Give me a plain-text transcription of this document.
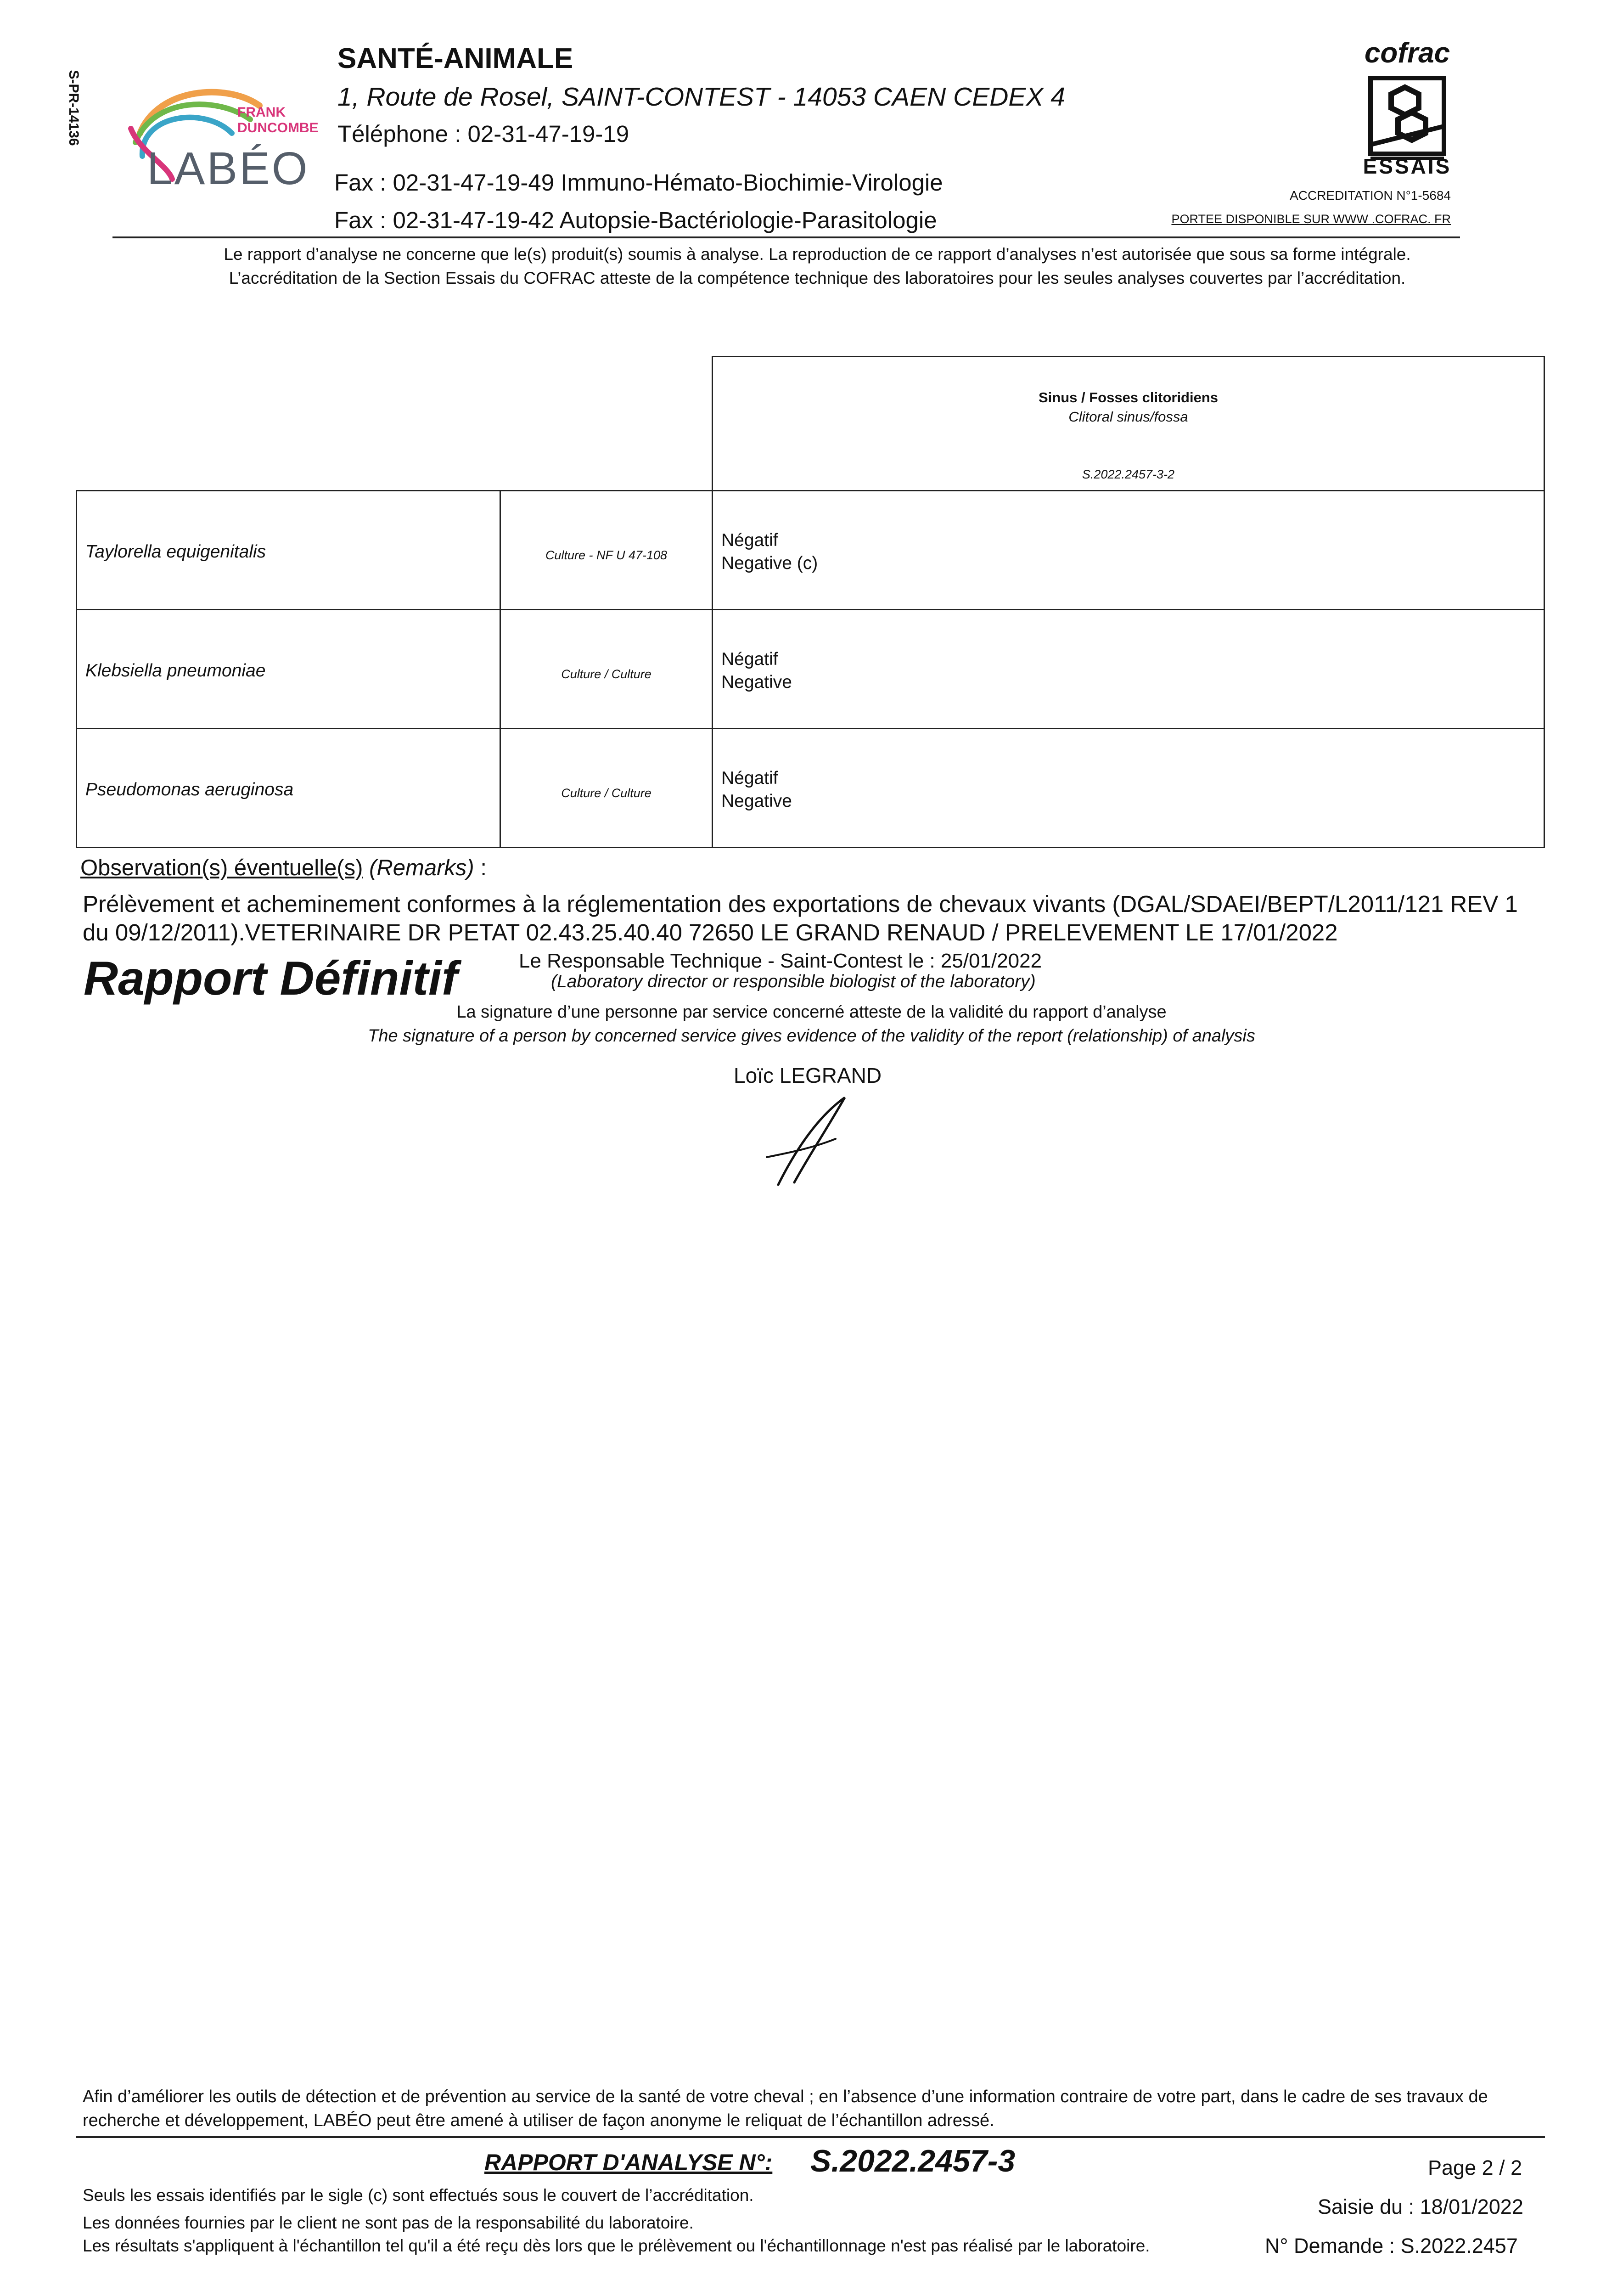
S-PR-14136	FRANK
DUNCOMBE
LABÉO
SANTÉ-ANIMALE
1, Route de Rosel, SAINT-CONTEST - 14053 CAEN CEDEX 4
Téléphone : 02-31-47-19-19
Fax : 02-31-47-19-49 Immuno-Hémato-Biochimie-Virologie
Fax : 02-31-47-19-42 Autopsie-Bactériologie-Parasitologie
cofrac
ESSAIS
ACCREDITATION N°1-5684
PORTEE DISPONIBLE SUR WWW .COFRAC. FR
Le rapport d’analyse ne concerne que le(s) produit(s) soumis à analyse. La reproduction de ce rapport d’analyses n’est autorisée que sous sa forme intégrale.
L’accréditation de la Section Essais du COFRAC atteste de la compétence technique des laboratoires pour les seules analyses couvertes par l’accréditation.
Sinus / Fosses clitoridiens
Clitoral sinus/fossa
S.2022.2457-3-2
Taylorella equigenitalis	Culture - NF U 47-108
Négatif
Negative (c)
Klebsiella pneumoniae	Culture / Culture
Négatif
Negative
Pseudomonas aeruginosa	Culture / Culture
Négatif
Negative
Observation(s) éventuelle(s) (Remarks) :
Prélèvement et acheminement conformes à la réglementation des exportations de chevaux vivants (DGAL/SDAEI/BEPT/L2011/121 REV 1 du 09/12/2011).VETERINAIRE DR PETAT 02.43.25.40.40 72650 LE GRAND RENAUD / PRELEVEMENT LE 17/01/2022
Rapport Définitif	Le Responsable Technique - Saint-Contest le : 25/01/2022
(Laboratory director or responsible biologist of the laboratory)
La signature d’une personne par service concerné atteste de la validité du rapport d’analyse
The signature of a person by concerned service gives evidence of the validity of the report (relationship) of analysis
Loïc LEGRAND
Afin d’améliorer les outils de détection et de prévention au service de la santé de votre cheval ; en l’absence d’une information contraire de votre part, dans le cadre de ses travaux de recherche et développement, LABÉO peut être amené à utiliser de façon anonyme le reliquat de l’échantillon adressé.
RAPPORT D'ANALYSE N°: S.2022.2457-3	Page 2 / 2
Saisie du : 18/01/2022
N° Demande : S.2022.2457
Seuls les essais identifiés par le sigle (c) sont effectués sous le couvert de l’accréditation.
Les données fournies par le client ne sont pas de la responsabilité du laboratoire.
Les résultats s'appliquent à l'échantillon tel qu'il a été reçu dès lors que le prélèvement ou l'échantillonnage n'est pas réalisé par le laboratoire.
